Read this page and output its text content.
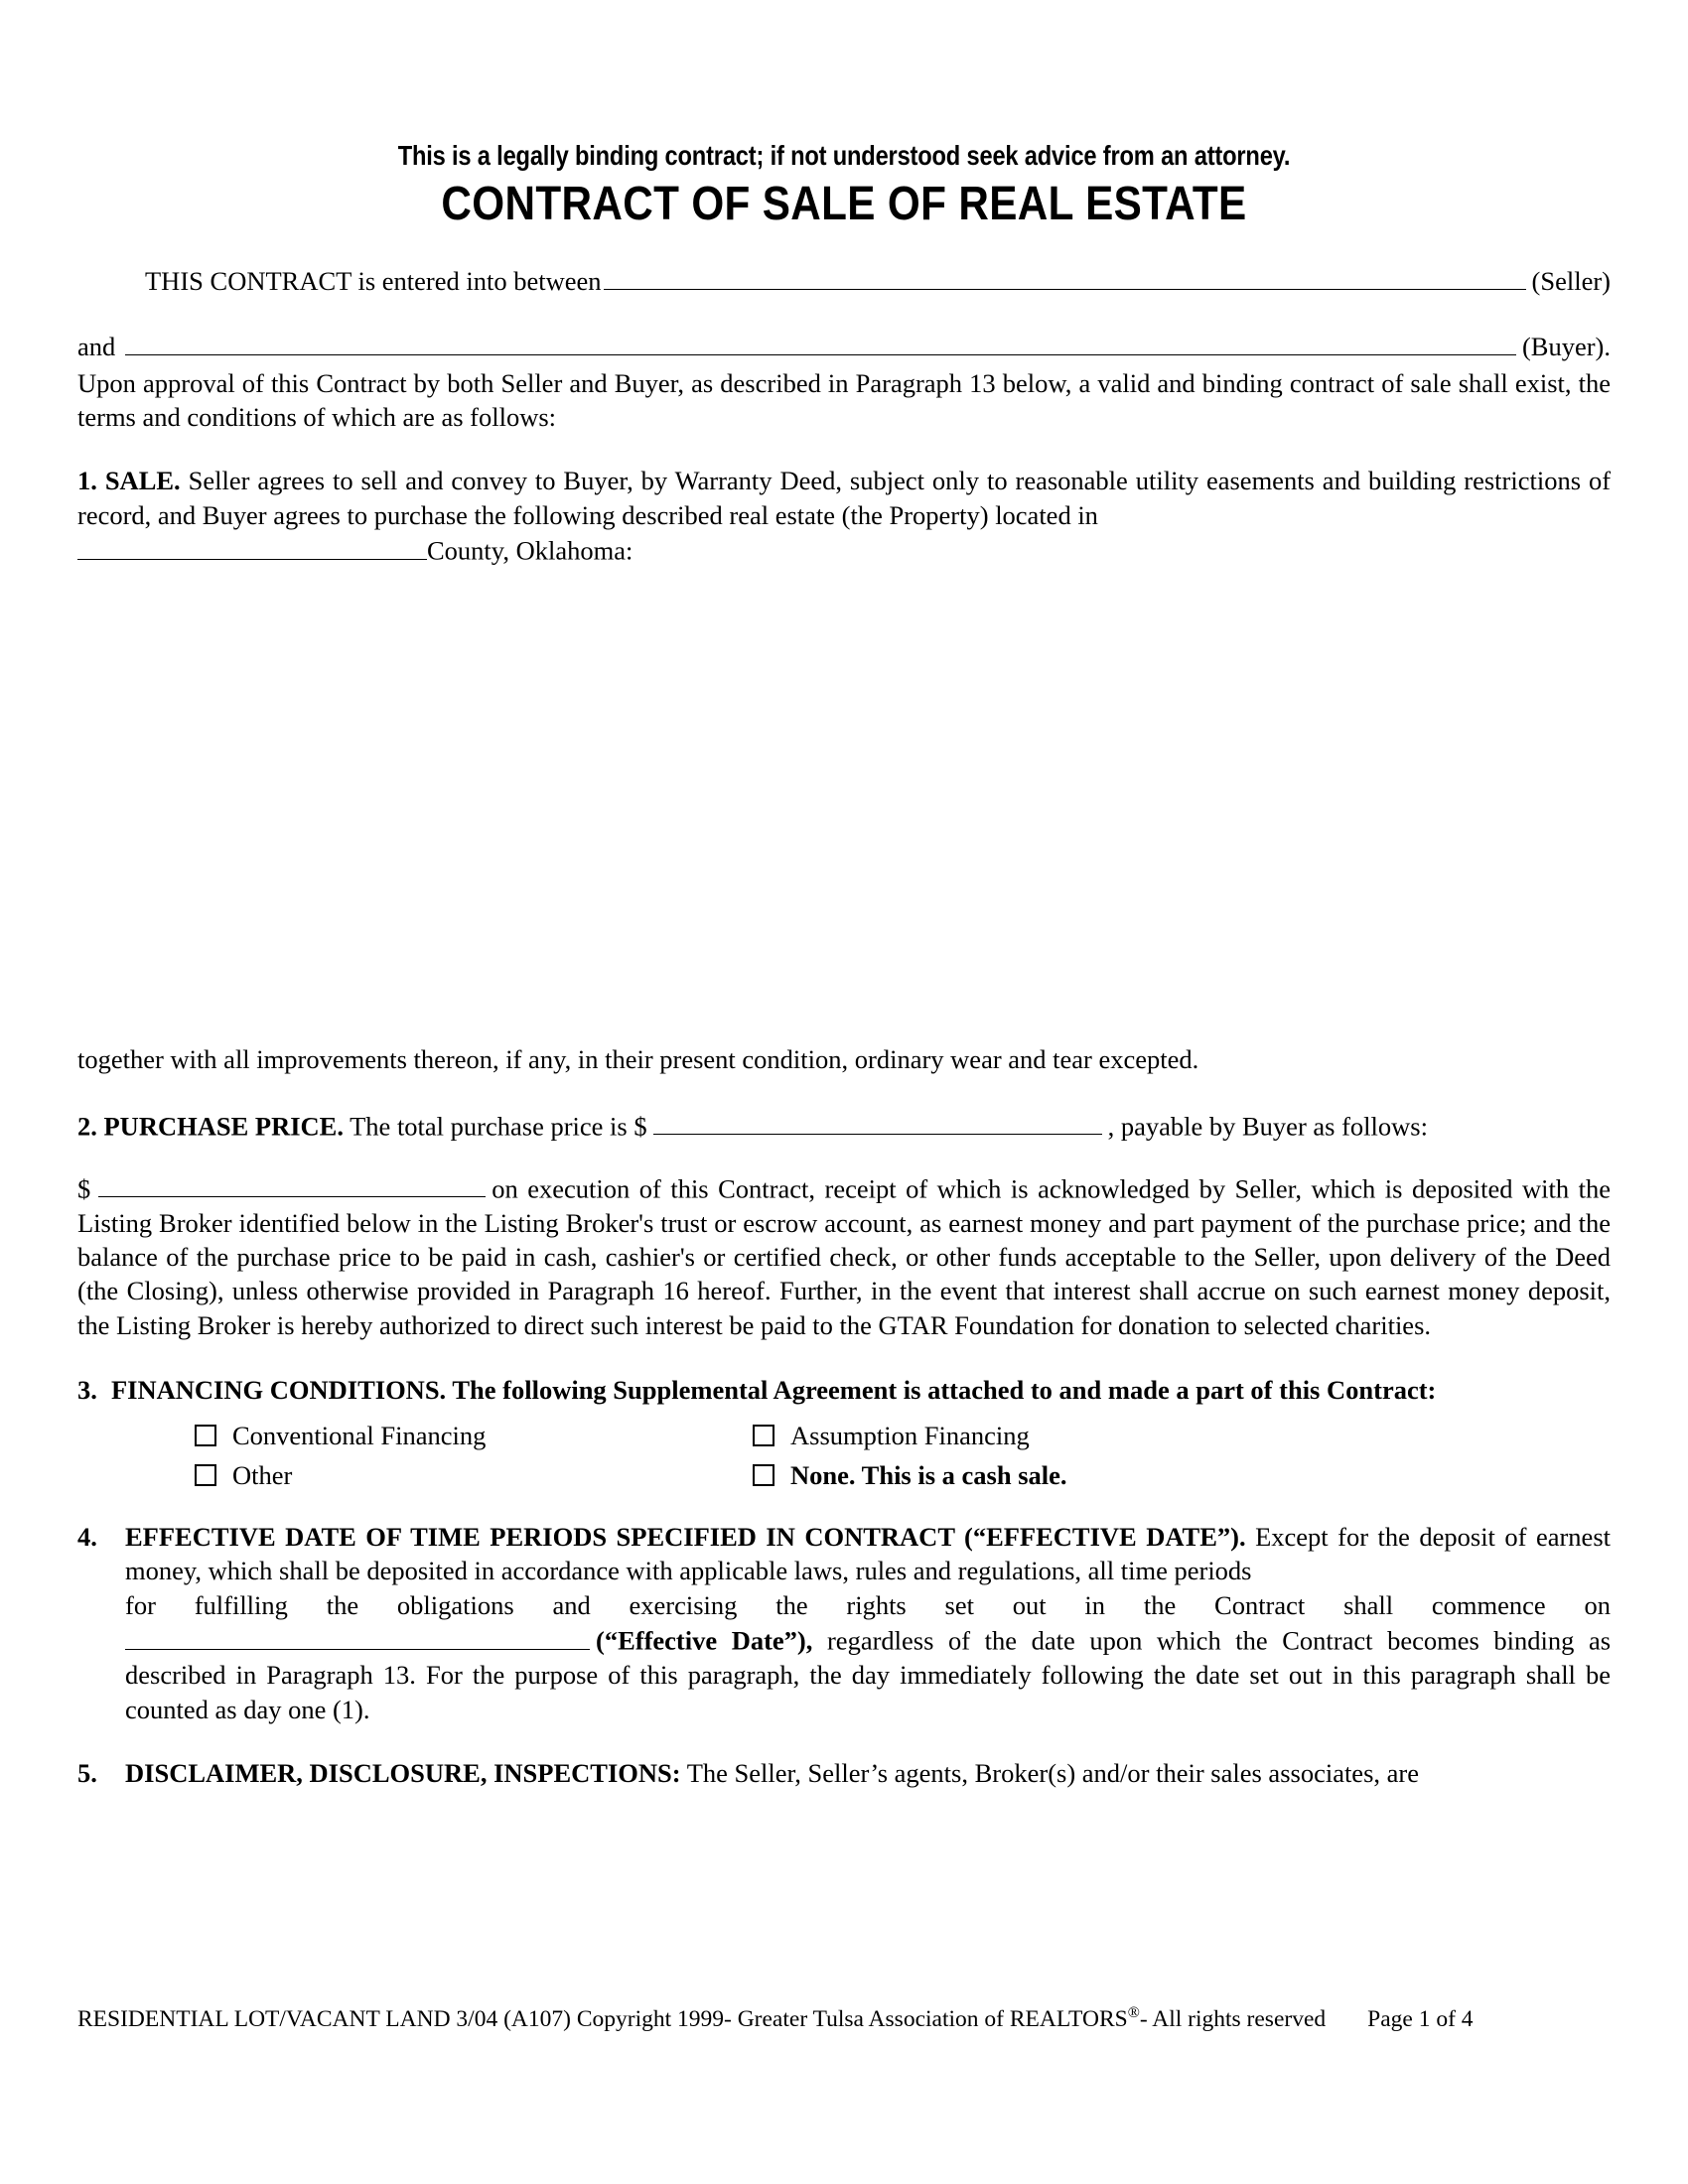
This is a legally binding contract; if not understood seek advice from an attorney.
CONTRACT OF SALE OF REAL ESTATE
THIS CONTRACT is entered into between	(Seller)
and	(Buyer).
Upon approval of this Contract by both Seller and Buyer, as described in Paragraph 13 below, a valid and binding contract of sale shall exist, the terms and conditions of which are as follows:
1. SALE. Seller agrees to sell and convey to Buyer, by Warranty Deed, subject only to reasonable utility easements and building restrictions of record, and Buyer agrees to purchase the following described real estate (the Property) located in
County, Oklahoma:
together with all improvements thereon, if any, in their present condition, ordinary wear and tear excepted.
2. PURCHASE PRICE. The total purchase price is $	, payable by Buyer as follows:
$	on execution of this Contract, receipt of which is acknowledged by Seller, which is deposited with the Listing Broker identified below in the Listing Broker's trust or escrow account, as earnest money and part payment of the purchase price; and the balance of the purchase price to be paid in cash, cashier's or certified check, or other funds acceptable to the Seller, upon delivery of the Deed (the Closing), unless otherwise provided in Paragraph 16 hereof. Further, in the event that interest shall accrue on such earnest money deposit, the Listing Broker is hereby authorized to direct such interest be paid to the GTAR Foundation for donation to selected charities.
3. FINANCING CONDITIONS. The following Supplemental Agreement is attached to and made a part of this Contract:
Conventional Financing	Assumption Financing
Other	None. This is a cash sale.
4.	EFFECTIVE DATE OF TIME PERIODS SPECIFIED IN CONTRACT (“EFFECTIVE DATE”). Except for the deposit of earnest money, which shall be deposited in accordance with applicable laws, rules and regulations, all time periods
for fulfilling the obligations and exercising the rights set out in the Contract shall commence on
(“Effective Date”), regardless of the date upon which the Contract becomes binding as described in Paragraph 13. For the purpose of this paragraph, the day immediately following the date set out in this paragraph shall be counted as day one (1).
5.	DISCLAIMER, DISCLOSURE, INSPECTIONS: The Seller, Seller’s agents, Broker(s) and/or their sales associates, are
RESIDENTIAL LOT/VACANT LAND 3/04 (A107) Copyright 1999- Greater Tulsa Association of REALTORS®- All rights reserved Page 1 of 4
